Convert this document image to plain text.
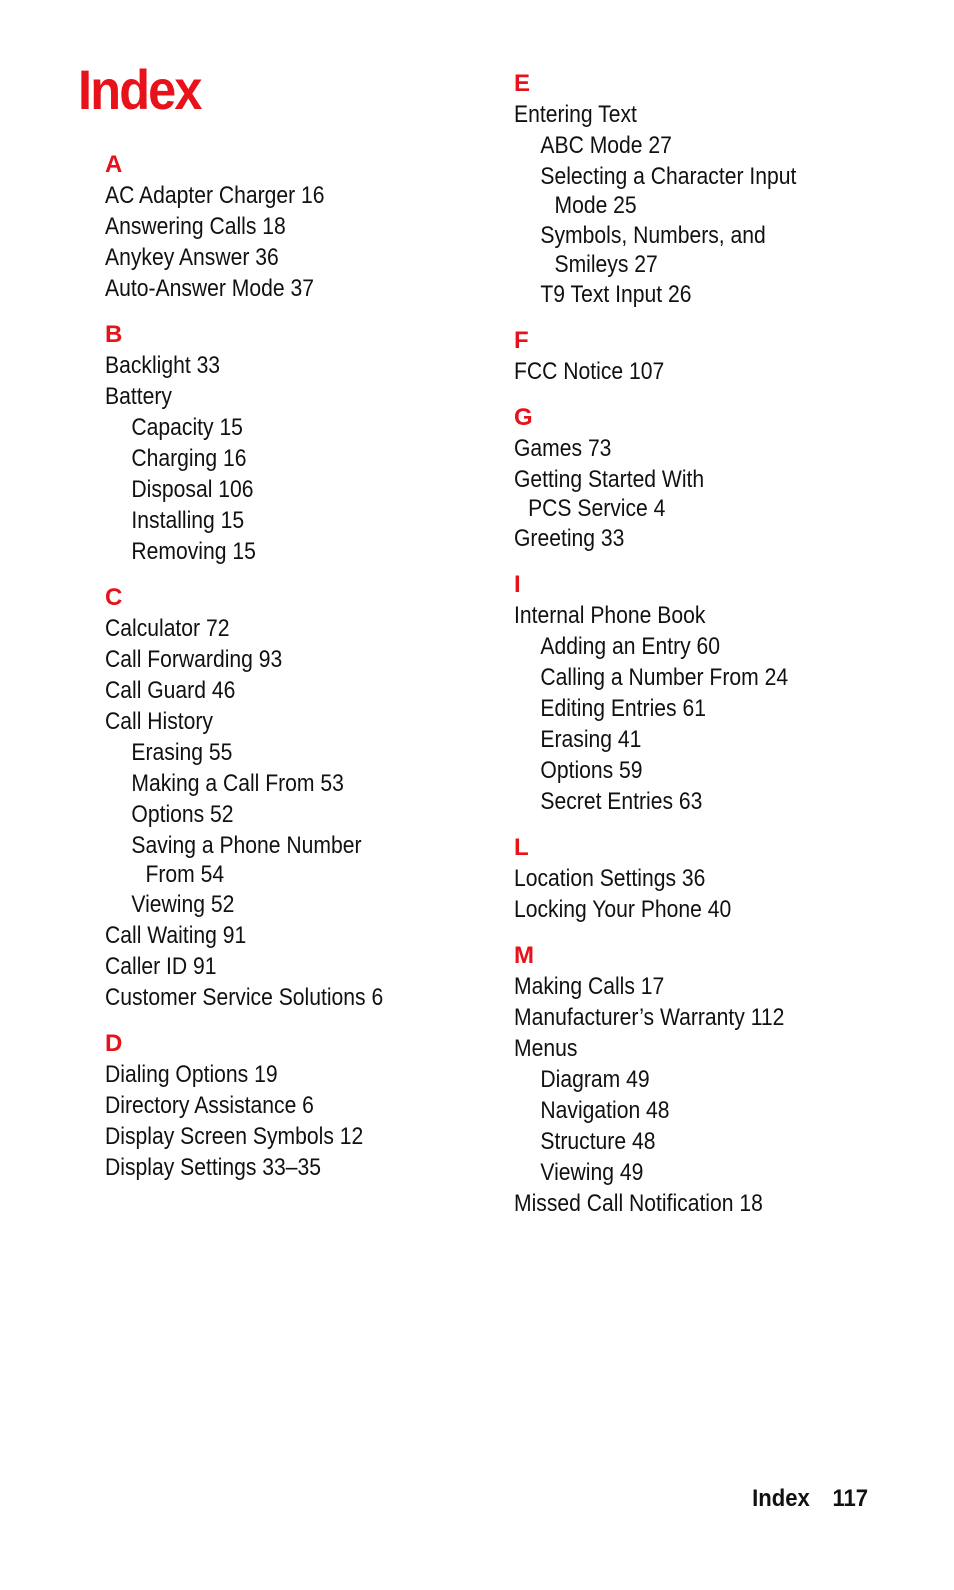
Index
A
AC Adapter Charger 16
Answering Calls 18
Anykey Answer 36
Auto-Answer Mode 37
B
Backlight 33
Battery
Capacity 15
Charging 16
Disposal 106
Installing 15
Removing 15
C
Calculator 72
Call Forwarding 93
Call Guard 46
Call History
Erasing 55
Making a Call From 53
Options 52
Saving a Phone Number
From 54
Viewing 52
Call Waiting 91
Caller ID 91
Customer Service Solutions 6
D
Dialing Options 19
Directory Assistance 6
Display Screen Symbols 12
Display Settings 33–35
E
Entering Text
ABC Mode 27
Selecting a Character Input
Mode 25
Symbols, Numbers, and
Smileys 27
T9 Text Input 26
F
FCC Notice 107
G
Games 73
Getting Started With
PCS Service 4
Greeting 33
I
Internal Phone Book
Adding an Entry 60
Calling a Number From 24
Editing Entries 61
Erasing 41
Options 59
Secret Entries 63
L
Location Settings 36
Locking Your Phone 40
M
Making Calls 17
Manufacturer’s Warranty 112
Menus
Diagram 49
Navigation 48
Structure 48
Viewing 49
Missed Call Notification 18
Index 117
